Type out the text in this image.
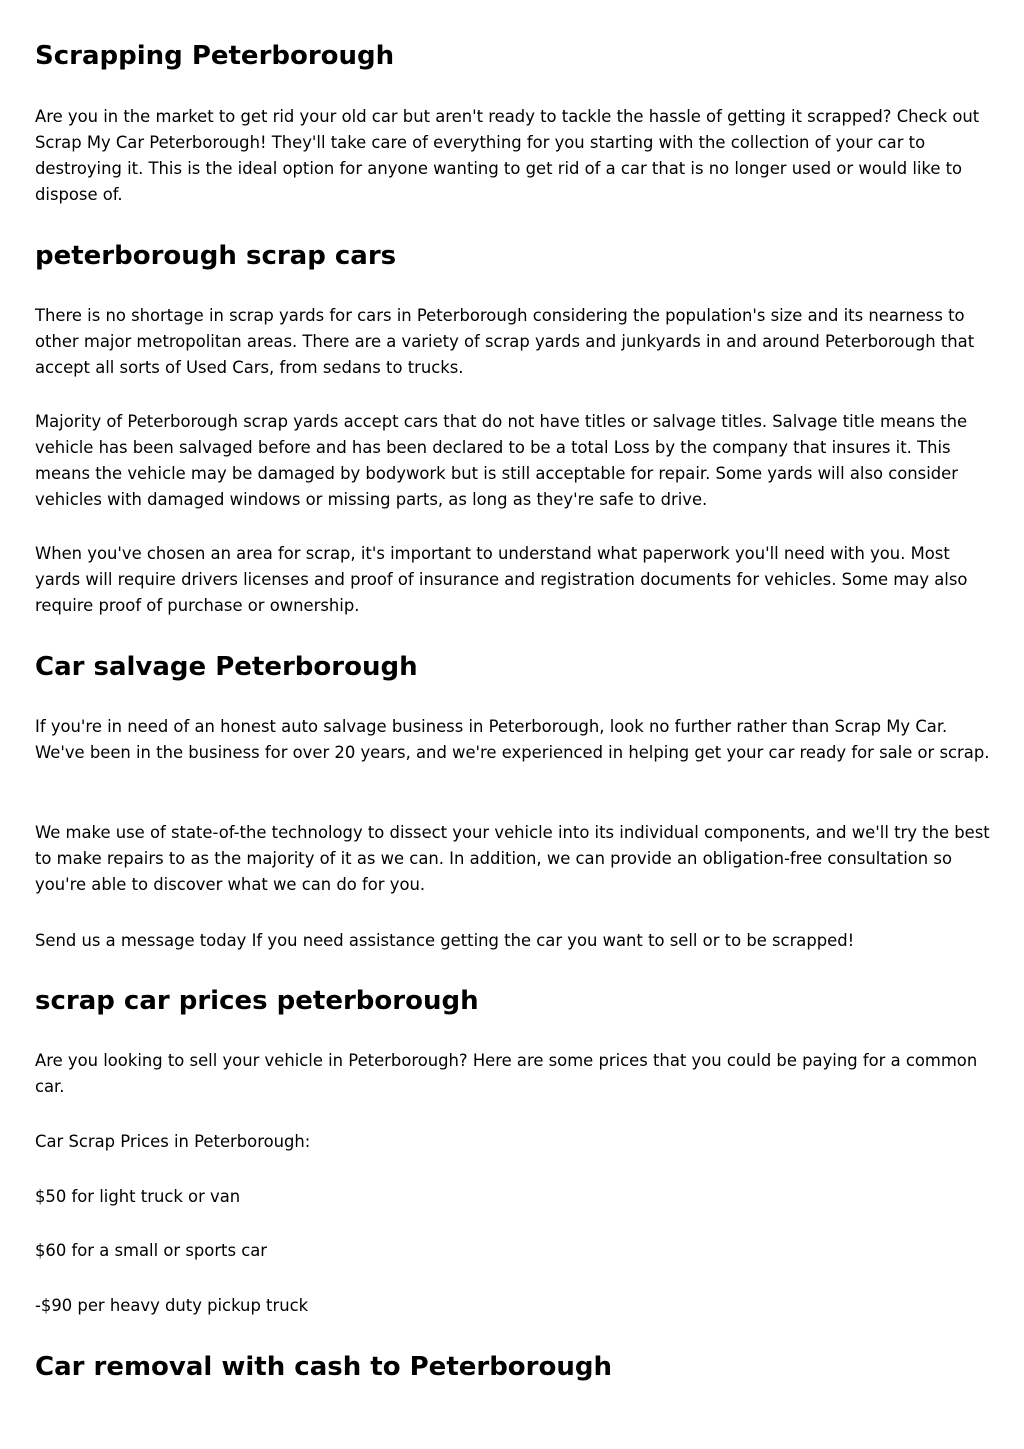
Scrapping Peterborough

Are you in the market to get rid your old car but aren't ready to tackle the hassle of getting it scrapped? Check out Scrap My Car Peterborough! They'll take care of everything for you starting with the collection of your car to destroying it. This is the ideal option for anyone wanting to get rid of a car that is no longer used or would like to dispose of.

peterborough scrap cars

There is no shortage in scrap yards for cars in Peterborough considering the population's size and its nearness to other major metropolitan areas. There are a variety of scrap yards and junkyards in and around Peterborough that accept all sorts of Used Cars, from sedans to trucks.

Majority of Peterborough scrap yards accept cars that do not have titles or salvage titles. Salvage title means the vehicle has been salvaged before and has been declared to be a total Loss by the company that insures it. This means the vehicle may be damaged by bodywork but is still acceptable for repair. Some yards will also consider vehicles with damaged windows or missing parts, as long as they're safe to drive.

When you've chosen an area for scrap, it's important to understand what paperwork you'll need with you. Most yards will require drivers licenses and proof of insurance and registration documents for vehicles. Some may also require proof of purchase or ownership.

Car salvage Peterborough

If you're in need of an honest auto salvage business in Peterborough, look no further rather than Scrap My Car. We've been in the business for over 20 years, and we're experienced in helping get your car ready for sale or scrap.

We make use of state-of-the technology to dissect your vehicle into its individual components, and we'll try the best to make repairs to as the majority of it as we can. In addition, we can provide an obligation-free consultation so you're able to discover what we can do for you.

Send us a message today If you need assistance getting the car you want to sell or to be scrapped!

scrap car prices peterborough

Are you looking to sell your vehicle in Peterborough? Here are some prices that you could be paying for a common car.

Car Scrap Prices in Peterborough:

$50 for light truck or van

$60 for a small or sports car

-$90 per heavy duty pickup truck

Car removal with cash to Peterborough
